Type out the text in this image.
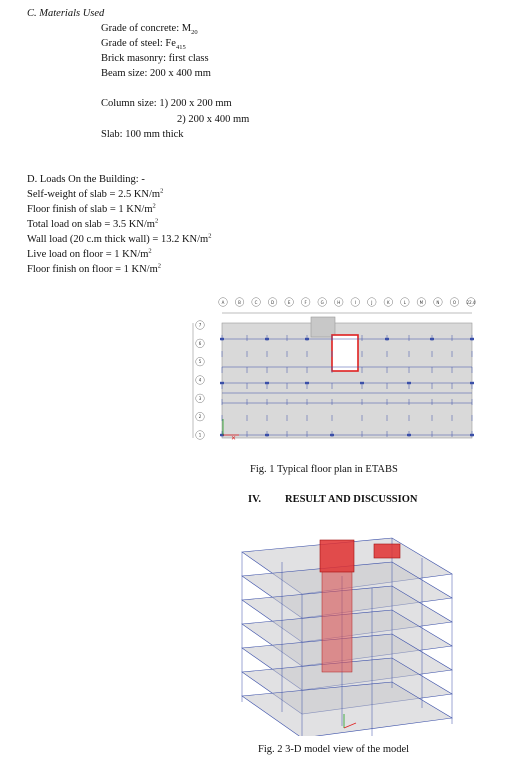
C. Materials Used
Grade of concrete: $M_{20}$
Grade of steel: $Fe_{415}$
Brick masonry: first class
Beam size: 200 x 400 mm
Column size: 1) 200 x 200 mm
2) 200 x 400 mm
Slab: 100 mm thick
D. Loads On the Building: -
Self-weight of slab = 2.5 $KN/m^2$
Floor finish of slab = 1 $KN/m^2$
Total load on slab = 3.5 $KN/m^2$
Wall load (20 c.m thick wall) = 13.2 $KN/m^2$
Live load on floor = 1 $KN/m^2$
Floor finish on floor = 1 $KN/m^2$
A	B	C	D	E	F	G	H	I	J	K	L	M	N	O	22.4
7
6
5
4
3
2
1	✕
Fig. 1 Typical floor plan in ETABS
IV. RESULT AND DISCUSSION
Fig. 2 3-D model view of the model
